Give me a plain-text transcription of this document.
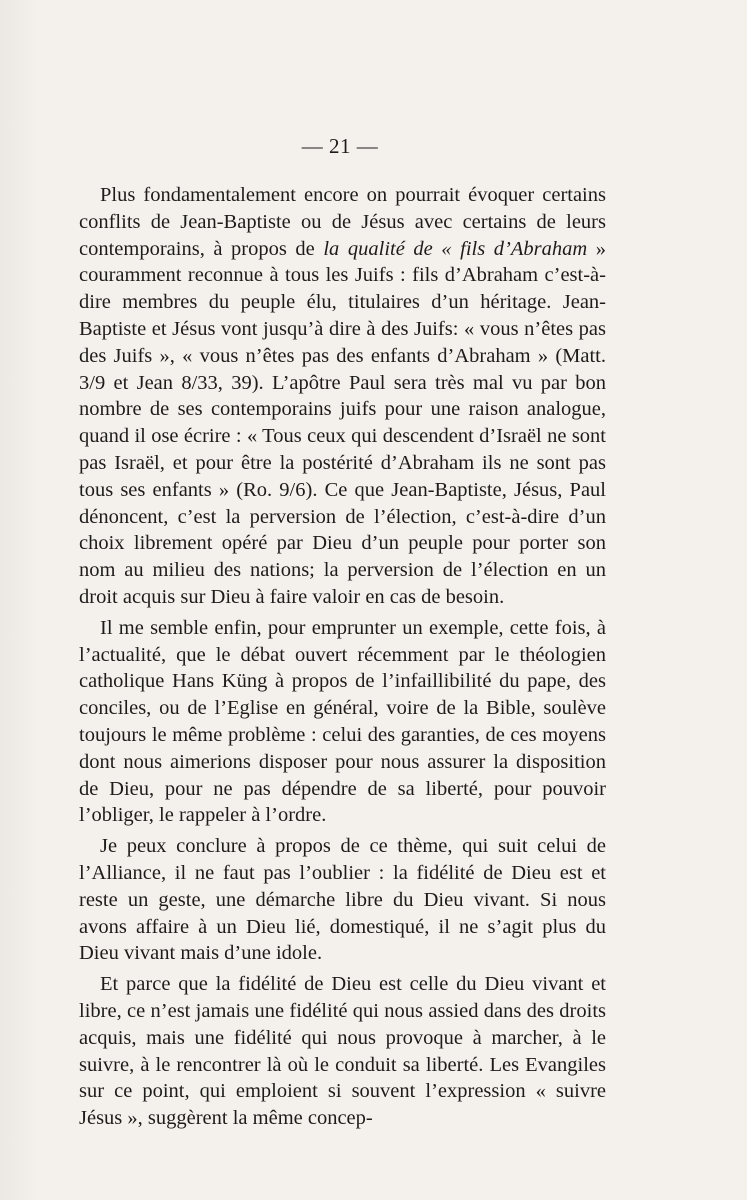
— 21 —

Plus fondamentalement encore on pourrait évoquer certains conflits de Jean-Baptiste ou de Jésus avec certains de leurs contemporains, à propos de la qualité de « fils d’Abraham » couramment reconnue à tous les Juifs : fils d’Abraham c’est-à-dire membres du peuple élu, titulaires d’un héritage. Jean-Baptiste et Jésus vont jusqu’à dire à des Juifs: « vous n’êtes pas des Juifs », « vous n’êtes pas des enfants d’Abraham » (Matt. 3/9 et Jean 8/33, 39). L’apôtre Paul sera très mal vu par bon nombre de ses contemporains juifs pour une raison analogue, quand il ose écrire : « Tous ceux qui descendent d’Israël ne sont pas Israël, et pour être la postérité d’Abraham ils ne sont pas tous ses enfants » (Ro. 9/6). Ce que Jean-Baptiste, Jésus, Paul dénoncent, c’est la perversion de l’élection, c’est-à-dire d’un choix librement opéré par Dieu d’un peuple pour porter son nom au milieu des nations; la perversion de l’élection en un droit acquis sur Dieu à faire valoir en cas de besoin.

Il me semble enfin, pour emprunter un exemple, cette fois, à l’actualité, que le débat ouvert récemment par le théologien catholique Hans Küng à propos de l’infaillibilité du pape, des conciles, ou de l’Eglise en général, voire de la Bible, soulève toujours le même problème : celui des garanties, de ces moyens dont nous aimerions disposer pour nous assurer la disposition de Dieu, pour ne pas dépendre de sa liberté, pour pouvoir l’obliger, le rappeler à l’ordre.

Je peux conclure à propos de ce thème, qui suit celui de l’Alliance, il ne faut pas l’oublier : la fidélité de Dieu est et reste un geste, une démarche libre du Dieu vivant. Si nous avons affaire à un Dieu lié, domestiqué, il ne s’agit plus du Dieu vivant mais d’une idole.

Et parce que la fidélité de Dieu est celle du Dieu vivant et libre, ce n’est jamais une fidélité qui nous assied dans des droits acquis, mais une fidélité qui nous provoque à marcher, à le suivre, à le rencontrer là où le conduit sa liberté. Les Evangiles sur ce point, qui emploient si souvent l’expression « suivre Jésus », suggèrent la même concep-
